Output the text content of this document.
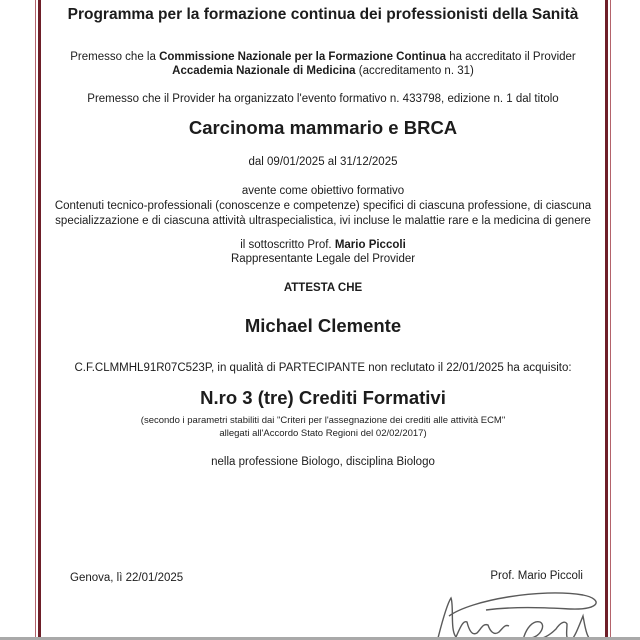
Programma per la formazione continua dei professionisti della Sanità
Premesso che la Commissione Nazionale per la Formazione Continua ha accreditato il Provider
Accademia Nazionale di Medicina (accreditamento n. 31)
Premesso che il Provider ha organizzato l'evento formativo n. 433798, edizione n. 1 dal titolo
Carcinoma mammario e BRCA
dal 09/01/2025 al 31/12/2025
avente come obiettivo formativo
Contenuti tecnico-professionali (conoscenze e competenze) specifici di ciascuna professione, di ciascuna
specializzazione e di ciascuna attività ultraspecialistica, ivi incluse le malattie rare e la medicina di genere
il sottoscritto Prof. Mario Piccoli
Rappresentante Legale del Provider
ATTESTA CHE
Michael Clemente
C.F.CLMMHL91R07C523P, in qualità di PARTECIPANTE non reclutato il 22/01/2025 ha acquisito:
N.ro 3 (tre) Crediti Formativi
(secondo i parametri stabiliti dai "Criteri per l'assegnazione dei crediti alle attività ECM"
allegati all'Accordo Stato Regioni del 02/02/2017)
nella professione Biologo, disciplina Biologo
Genova, lì 22/01/2025	Prof. Mario Piccoli
